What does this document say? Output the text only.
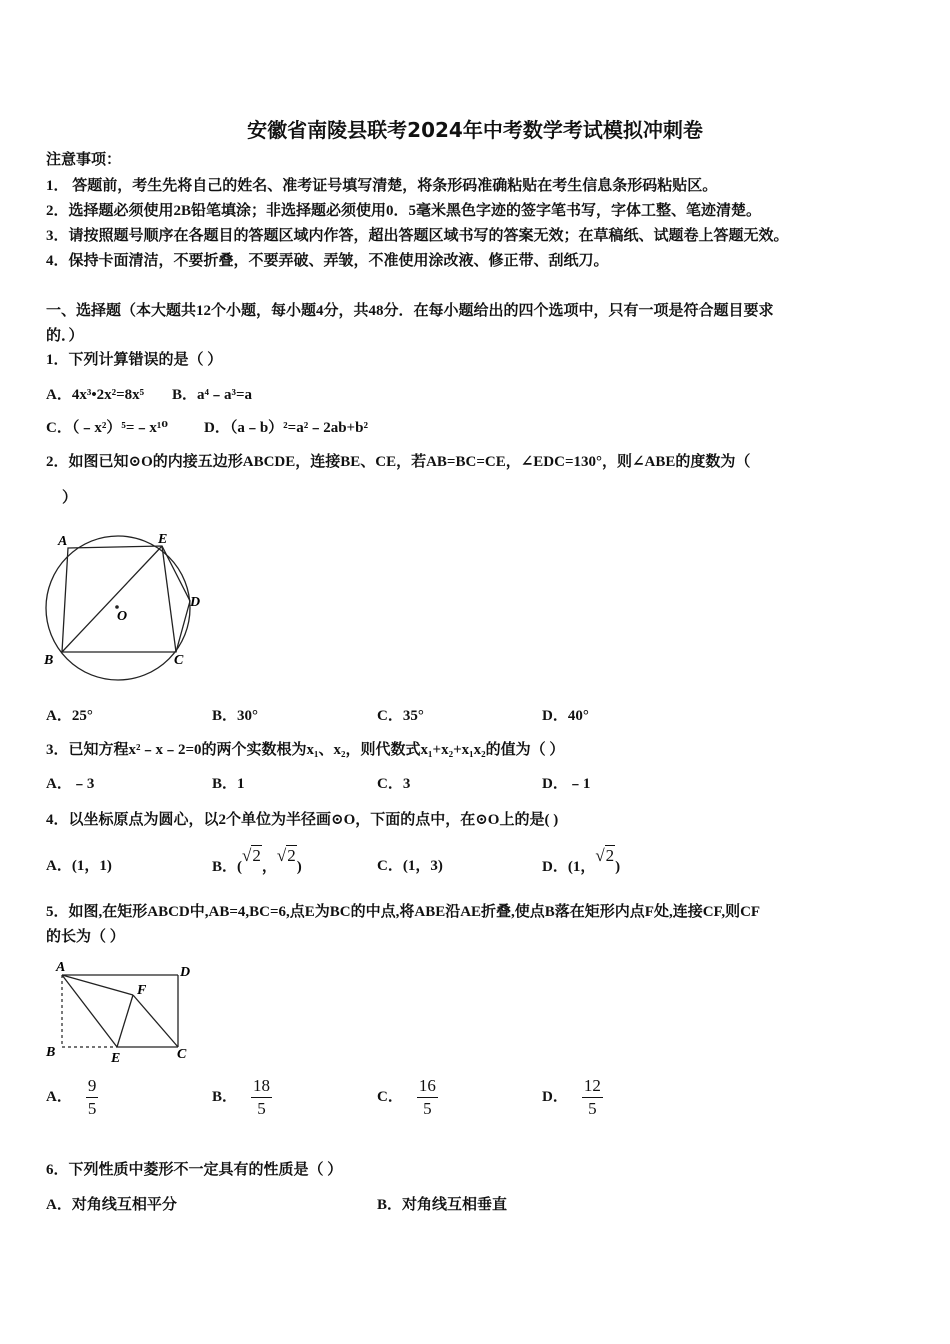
安徽省南陵县联考2024年中考数学考试模拟冲刺卷
注意事项：
1． 答题前，考生先将自己的姓名、准考证号填写清楚，将条形码准确粘贴在考生信息条形码粘贴区。
2．选择题必须使用2B铅笔填涂；非选择题必须使用0．5毫米黑色字迹的签字笔书写，字体工整、笔迹清楚。
3．请按照题号顺序在各题目的答题区域内作答，超出答题区域书写的答案无效；在草稿纸、试题卷上答题无效。
4．保持卡面清洁，不要折叠，不要弄破、弄皱，不准使用涂改液、修正带、刮纸刀。
一、选择题（本大题共12个小题，每小题4分，共48分．在每小题给出的四个选项中，只有一项是符合题目要求
的．）
1．下列计算错误的是（ ）
A．4x³•2x²=8x⁵ B．a⁴﹣a³=a
C．（﹣x²）⁵=﹣x¹⁰ D．（a﹣b）²=a²﹣2ab+b²
2．如图已知⊙O的内接五边形ABCDE，连接BE、CE，若AB=BC=CE，∠EDC=130°，则∠ABE的度数为（
）
A	E
D
O
B	C
A．25°	B．30°	C．35°	D．40°
3．已知方程x²﹣x﹣2=0的两个实数根为x₁、x₂，则代数式x₁+x₂+x₁x₂的值为（ ）
A．﹣3	B．1	C．3	D．﹣1
4．以坐标原点为圆心，以2个单位为半径画⊙O，下面的点中，在⊙O上的是( )
A．(1，1)	B．(√2，√2)	C．(1，3)	D．(1，√2)
5．如图,在矩形ABCD中,AB=4,BC=6,点E为BC的中点,将ABE沿AE折叠,使点B落在矩形内点F处,连接CF,则CF
的长为（ ）
A	D
F
B	E	C
A． $\frac{9}{5}$	B． $\frac{18}{5}$	C． $\frac{16}{5}$	D． $\frac{12}{5}$
6．下列性质中菱形不一定具有的性质是（ ）
A．对角线互相平分	B．对角线互相垂直
